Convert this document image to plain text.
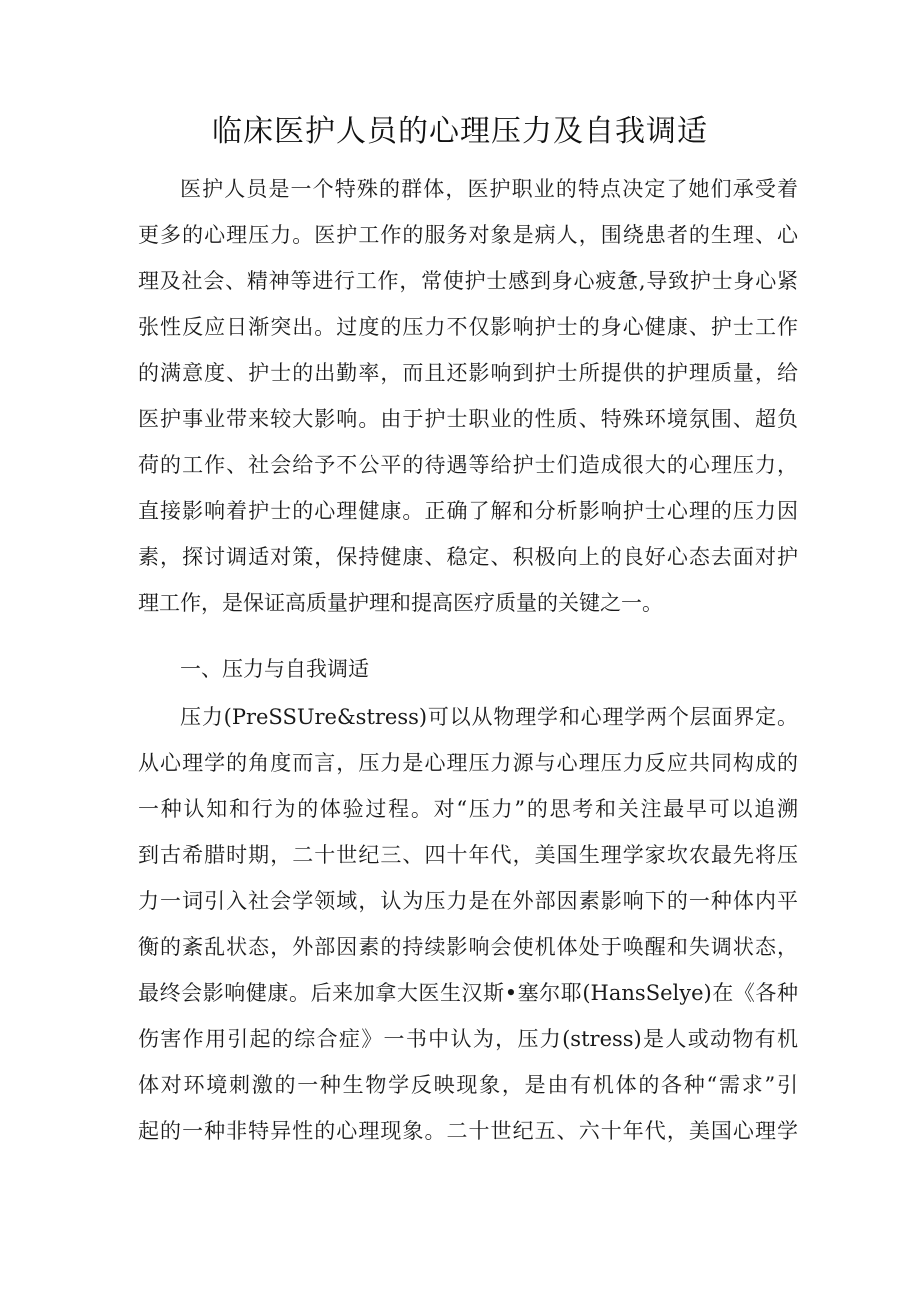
临床医护人员的心理压力及自我调适
医护人员是一个特殊的群体，医护职业的特点决定了她们承受着
更多的心理压力。医护工作的服务对象是病人，围绕患者的生理、心
理及社会、精神等进行工作，常使护士感到身心疲惫,导致护士身心紧
张性反应日渐突出。过度的压力不仅影响护士的身心健康、护士工作
的满意度、护士的出勤率，而且还影响到护士所提供的护理质量，给
医护事业带来较大影响。由于护士职业的性质、特殊环境氛围、超负
荷的工作、社会给予不公平的待遇等给护士们造成很大的心理压力，
直接影响着护士的心理健康。正确了解和分析影响护士心理的压力因
素，探讨调适对策，保持健康、稳定、积极向上的良好心态去面对护
理工作，是保证高质量护理和提高医疗质量的关键之一。
一、压力与自我调适
压力(PreSSUre&stress)可以从物理学和心理学两个层面界定。
从心理学的角度而言，压力是心理压力源与心理压力反应共同构成的
一种认知和行为的体验过程。对“压力”的思考和关注最早可以追溯
到古希腊时期，二十世纪三、四十年代，美国生理学家坎农最先将压
力一词引入社会学领域，认为压力是在外部因素影响下的一种体内平
衡的紊乱状态，外部因素的持续影响会使机体处于唤醒和失调状态，
最终会影响健康。后来加拿大医生汉斯•塞尔耶(HansSelye)在《各种
伤害作用引起的综合症》一书中认为，压力(stress)是人或动物有机
体对环境刺激的一种生物学反映现象，是由有机体的各种“需求”引
起的一种非特异性的心理现象。二十世纪五、六十年代，美国心理学
